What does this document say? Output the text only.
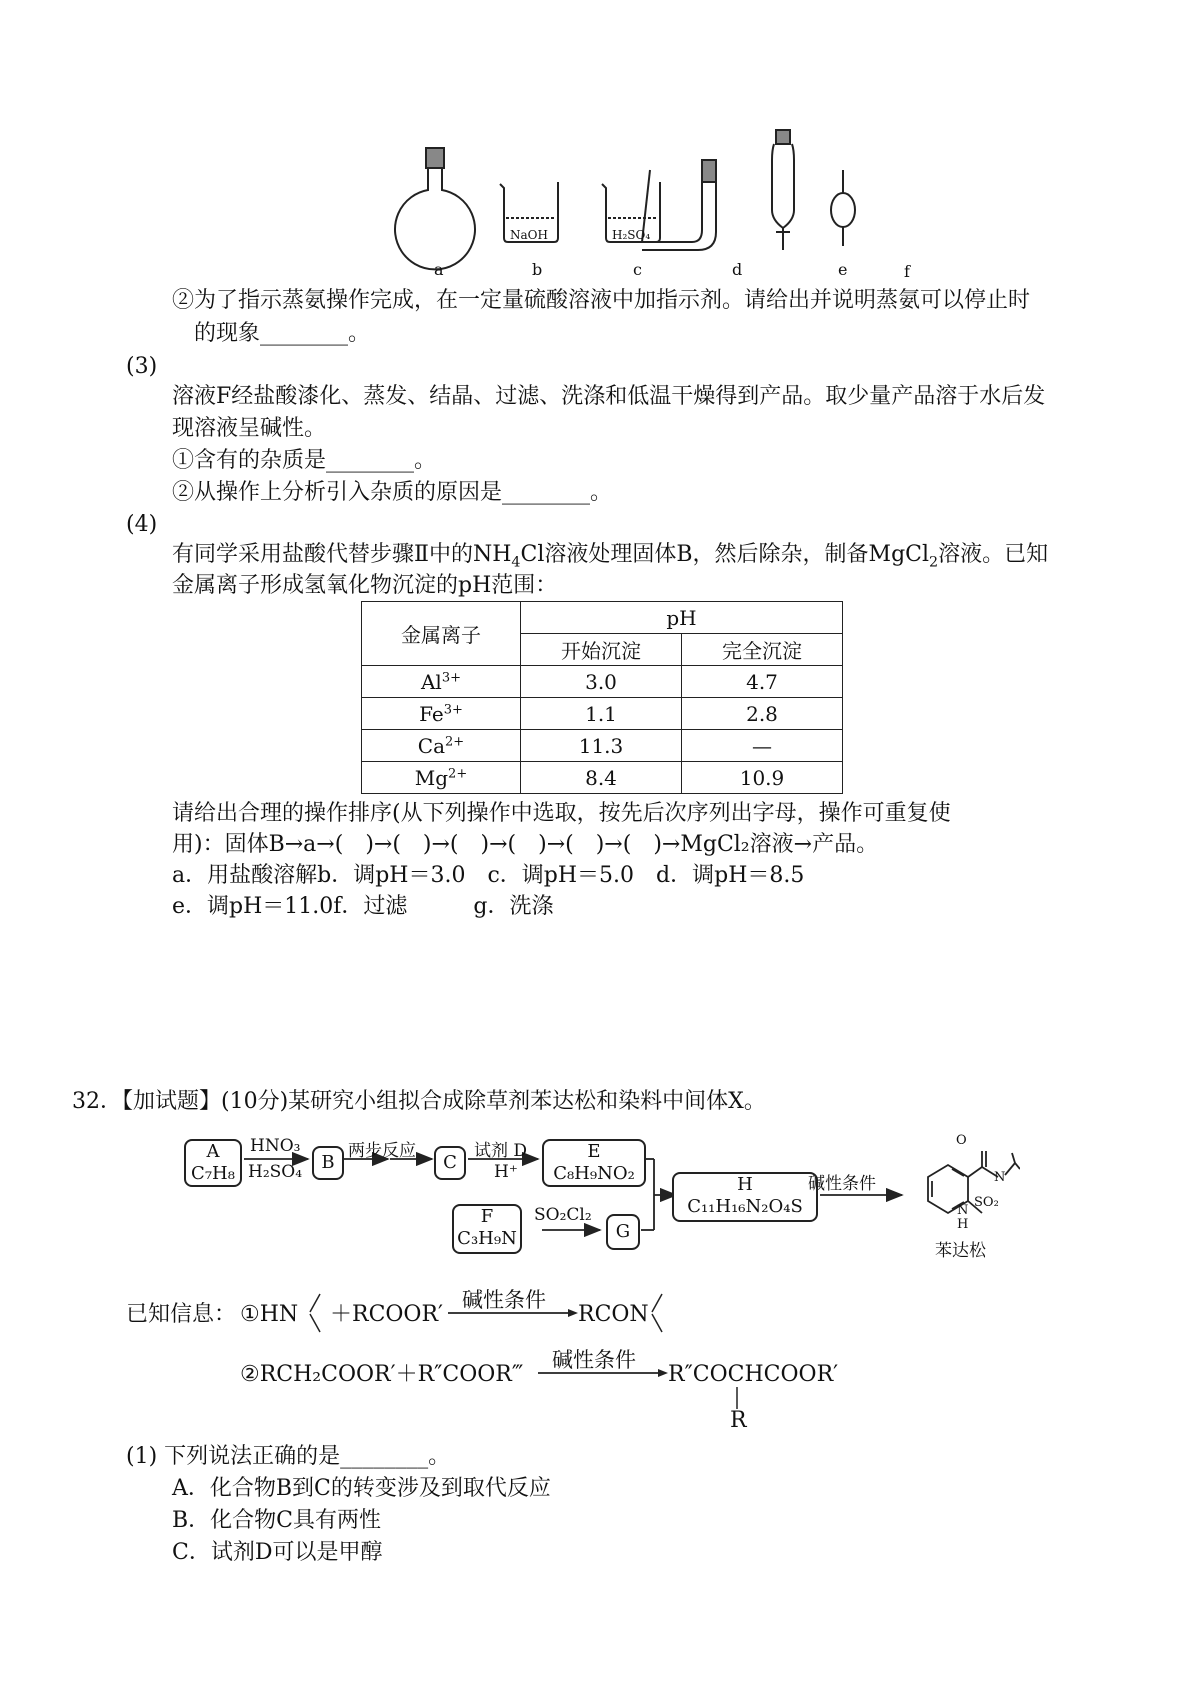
a	b	c	d	e	f
NaOH	H₂SO₄
②为了指示蒸氨操作完成，在一定量硫酸溶液中加指示剂。请给出并说明蒸氨可以停止时
的现象________。
(3)
溶液F经盐酸漆化、蒸发、结晶、过滤、洗涤和低温干燥得到产品。取少量产品溶于水后发
现溶液呈碱性。
①含有的杂质是________。
②从操作上分析引入杂质的原因是________。
(4)
有同学采用盐酸代替步骤Ⅱ中的$NH_4Cl$溶液处理固体B，然后除杂，制备MgCl$_2$溶液。已知
金属离子形成氢氧化物沉淀的pH范围：
金属离子	pH	
	开始沉淀	完全沉淀
$Al^{3+}$	3.0	4.7
$Fe^{3+}$	1.1	2.8
$Ca^{2+}$	11.3	—
$Mg^{2+}$	8.4	10.9
请给出合理的操作排序(从下列操作中选取，按先后次序列出字母，操作可重复使
用)：固体B→a→(　)→(　)→(　)→(　)→(　)→(　)→MgCl₂溶液→产品。
a．用盐酸溶解b．调pH＝3.0　c．调pH＝5.0　d．调pH＝8.5
e．调pH＝11.0f．过滤　　　g．洗涤
32．【加试题】(10分)某研究小组拟合成除草剂苯达松和染料中间体X。
A
C₇H₈
HNO₃
H₂SO₄	B
两步反应
C
试剂 D
H⁺
E
C₈H₉NO₂
F
C₃H₉N
SO₂Cl₂
G
H
C₁₁H₁₆N₂O₄S
碱性条件
O
N
N
SO₂
H
苯达松
已知信息： ①HN ＋RCOOR′
碱性条件
RCON
②RCH₂COOR′＋R″COOR‴
碱性条件
R″COCHCOOR′
R
(1) 下列说法正确的是________。
A．化合物B到C的转变涉及到取代反应
B．化合物C具有两性
C．试剂D可以是甲醇
